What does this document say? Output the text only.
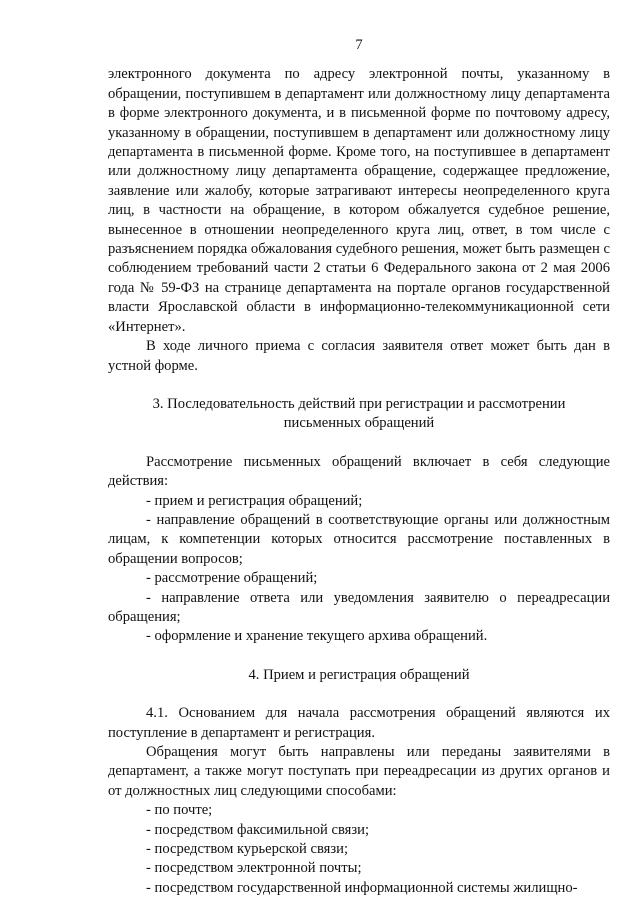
7

электронного документа по адресу электронной почты, указанному в обращении, поступившем в департамент или должностному лицу департамента в форме электронного документа, и в письменной форме по почтовому адресу, указанному в обращении, поступившем в департамент или должностному лицу департамента в письменной форме. Кроме того, на поступившее в департамент или должностному лицу департамента обращение, содержащее предложение, заявление или жалобу, которые затрагивают интересы неопределенного круга лиц, в частности на обращение, в котором обжалуется судебное решение, вынесенное в отношении неопределенного круга лиц, ответ, в том числе с разъяснением порядка обжалования судебного решения, может быть размещен с соблюдением требований части 2 статьи 6 Федерального закона от 2 мая 2006 года № 59-ФЗ на странице департамента на портале органов государственной власти Ярославской области в информационно-телекоммуникационной сети «Интернет».

В ходе личного приема с согласия заявителя ответ может быть дан в устной форме.

3. Последовательность действий при регистрации и рассмотрении

письменных обращений

Рассмотрение письменных обращений включает в себя следующие действия:

- прием и регистрация обращений;

- направление обращений в соответствующие органы или должностным лицам, к компетенции которых относится рассмотрение поставленных в обращении вопросов;

- рассмотрение обращений;

- направление ответа или уведомления заявителю о переадресации обращения;

- оформление и хранение текущего архива обращений.

4. Прием и регистрация обращений

4.1. Основанием для начала рассмотрения обращений являются их поступление в департамент и регистрация.

Обращения могут быть направлены или переданы заявителями в департамент, а также могут поступать при переадресации из других органов и от должностных лиц следующими способами:

- по почте;

- посредством факсимильной связи;

- посредством курьерской связи;

- посредством электронной почты;

- посредством государственной информационной системы жилищно-
